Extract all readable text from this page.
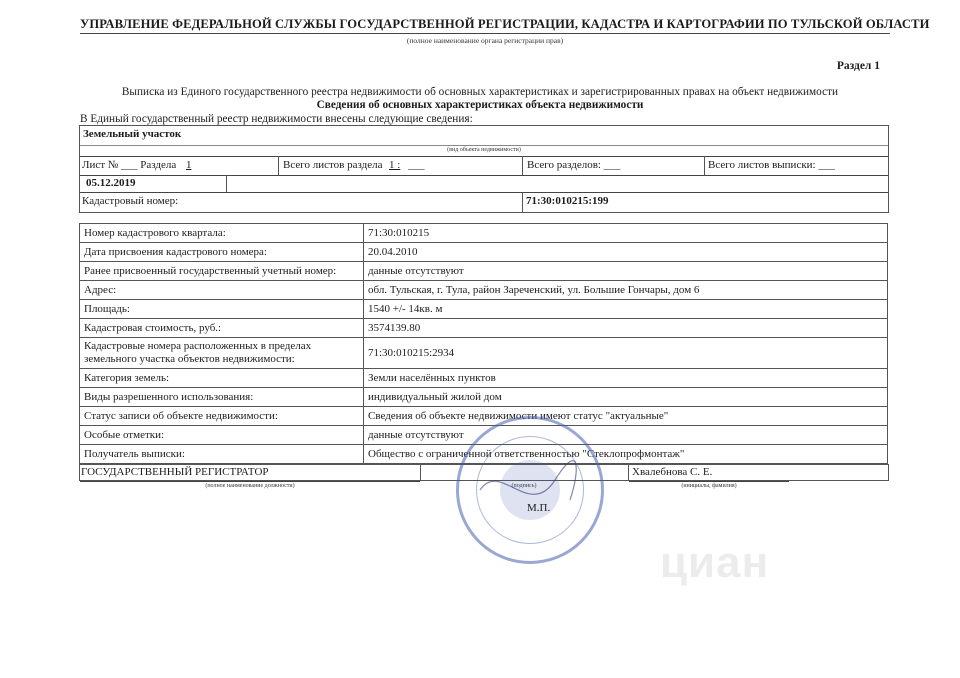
УПРАВЛЕНИЕ ФЕДЕРАЛЬНОЙ СЛУЖБЫ ГОСУДАРСТВЕННОЙ РЕГИСТРАЦИИ, КАДАСТРА И КАРТОГРАФИИ ПО ТУЛЬСКОЙ ОБЛАСТИ
(полное наименование органа регистрации прав)
Раздел 1
Выписка из Единого государственного реестра недвижимости об основных характеристиках и зарегистрированных правах на объект недвижимости
Сведения об основных характеристиках объекта недвижимости
В Единый государственный реестр недвижимости внесены следующие сведения:
Земельный участок
(вид объекта недвижимости)
Лист № ___ Раздела 1	Всего листов раздела 1 : ___	Всего разделов: ___	Всего листов выписки: ___
05.12.2019
Кадастровый номер:	71:30:010215:199
Номер кадастрового квартала:	71:30:010215
Дата присвоения кадастрового номера:	20.04.2010
Ранее присвоенный государственный учетный номер:	данные отсутствуют
Адрес:	обл. Тульская, г. Тула, район Зареченский, ул. Большие Гончары, дом 6
Площадь:	1540 +/- 14кв. м
Кадастровая стоимость, руб.:	3574139.80
Кадастровые номера расположенных в пределах земельного участка объектов недвижимости:	71:30:010215:2934
Категория земель:	Земли населённых пунктов
Виды разрешенного использования:	индивидуальный жилой дом
Статус записи об объекте недвижимости:	Сведения об объекте недвижимости имеют статус "актуальные"
Особые отметки:	данные отсутствуют
Получатель выписки:	Общество с ограниченной ответственностью "Стеклопрофмонтаж"
ГОСУДАРСТВЕННЫЙ РЕГИСТРАТОР	Хвалебнова С. Е.
(полное наименование должности)	(подпись)	(инициалы, фамилия)
М.П.
циан
